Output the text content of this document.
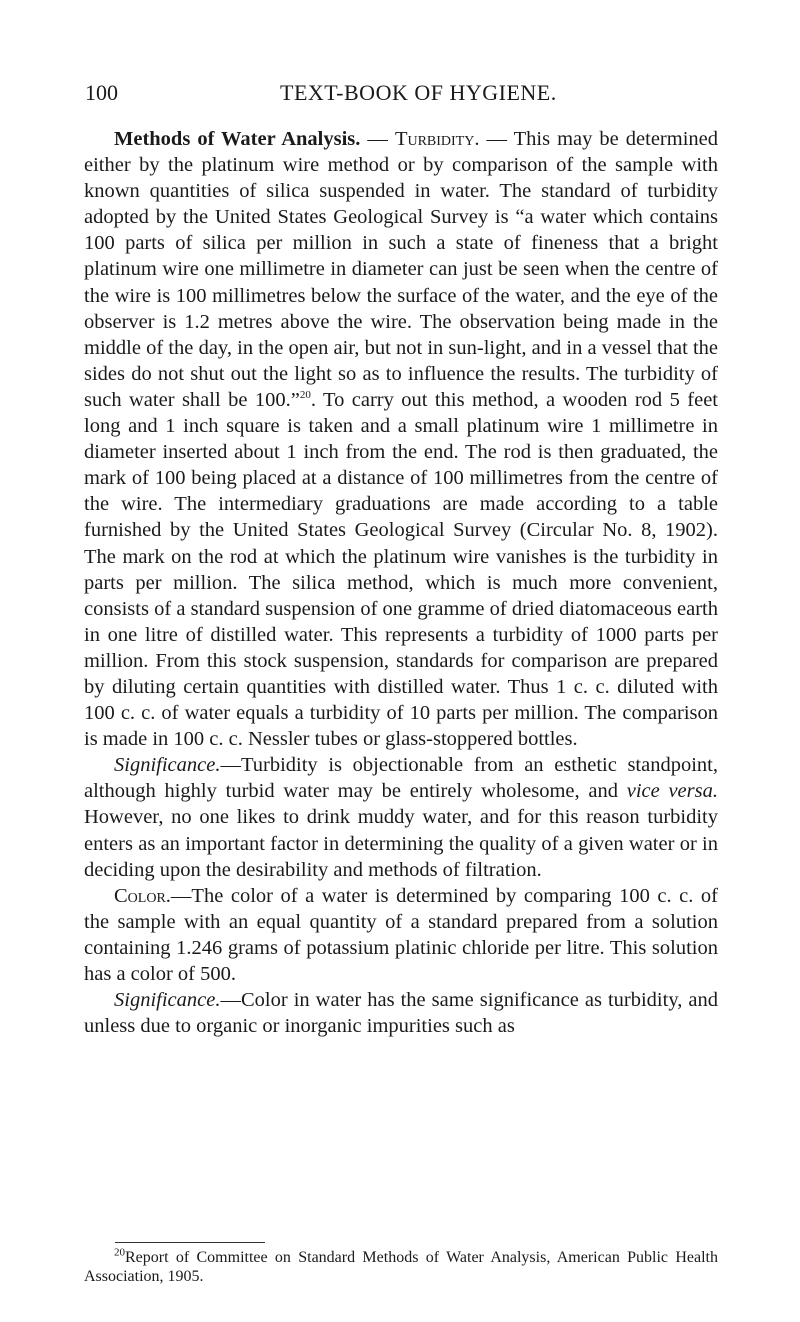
100	TEXT-BOOK OF HYGIENE.

Methods of Water Analysis. — Turbidity. — This may be determined either by the platinum wire method or by comparison of the sample with known quantities of silica suspended in water. The standard of turbidity adopted by the United States Geological Survey is “a water which contains 100 parts of silica per million in such a state of fineness that a bright platinum wire one millimetre in diameter can just be seen when the centre of the wire is 100 millimetres below the surface of the water, and the eye of the observer is 1.2 metres above the wire. The observation being made in the middle of the day, in the open air, but not in sun-light, and in a vessel that the sides do not shut out the light so as to influence the results. The turbidity of such water shall be 100.”$^{20}$. To carry out this method, a wooden rod 5 feet long and 1 inch square is taken and a small platinum wire 1 millimetre in diameter inserted about 1 inch from the end. The rod is then graduated, the mark of 100 being placed at a distance of 100 millimetres from the centre of the wire. The intermediary graduations are made according to a table furnished by the United States Geological Survey (Circular No. 8, 1902). The mark on the rod at which the platinum wire vanishes is the turbidity in parts per million. The silica method, which is much more convenient, consists of a standard suspension of one gramme of dried diatomaceous earth in one litre of distilled water. This represents a turbidity of 1000 parts per million. From this stock suspension, standards for comparison are prepared by diluting certain quantities with distilled water. Thus 1 c. c. diluted with 100 c. c. of water equals a turbidity of 10 parts per million. The comparison is made in 100 c. c. Nessler tubes or glass-stoppered bottles.

Significance.—Turbidity is objectionable from an esthetic standpoint, although highly turbid water may be entirely wholesome, and vice versa. However, no one likes to drink muddy water, and for this reason turbidity enters as an important factor in determining the quality of a given water or in deciding upon the desirability and methods of filtration.

Color.—The color of a water is determined by comparing 100 c. c. of the sample with an equal quantity of a standard prepared from a solution containing 1.246 grams of potassium platinic chloride per litre. This solution has a color of 500.

Significance.—Color in water has the same significance as turbidity, and unless due to organic or inorganic impurities such as

$^{20}$Report of Committee on Standard Methods of Water Analysis, American Public Health Association, 1905.
